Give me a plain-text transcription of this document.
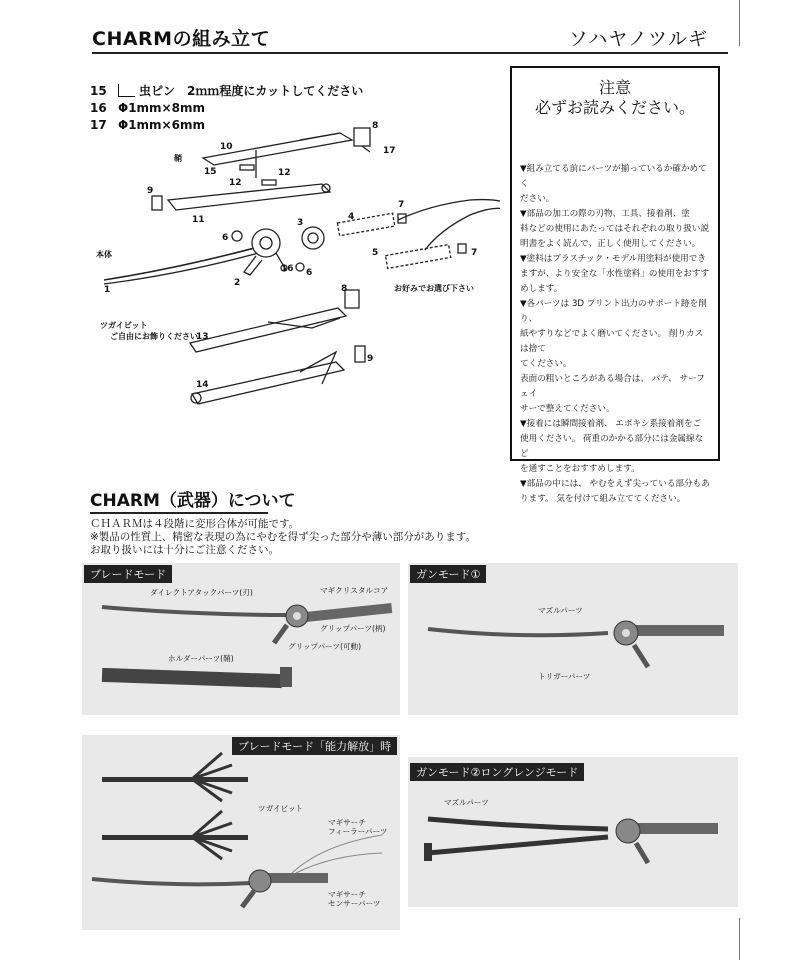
CHARMの組み立て	ソハヤノツルギ
15	虫ピン　2ｍｍ程度にカットしてください
16 Φ1mm×8mm
17 Φ1mm×6mm
10
8
17
15
12
12
9
11	4
7
6
3
5	7
1
2
16 6
8
13
9
14
鞘
本体
お好みでお選び下さい
ツガイビット
ご自由にお飾りください
注意
必ずお読みください。
▼組み立てる前にパーツが揃っているか確かめてく
ださい。
▼部品の加工の際の刃物、工具、接着剤、塗
料などの使用にあたってはそれぞれの取り扱い説
明書をよく読んで、正しく使用してください。
▼塗料はプラスチック・モデル用塗料が使用でき
ますが、より安全な「水性塗料」の使用をおすす
めします。
▼各パーツは 3D プリント出力のサポート跡を削り、
紙やすりなどでよく磨いてください。 削りカスは捨て
てください。
表面の粗いところがある場合は、 パテ、 サーフェイ
サーで整えてください。
▼接着には瞬間接着剤、 エポキシ系接着剤をご
使用ください。 荷重のかかる部分には金属線など
を通すことをおすすめします。
▼部品の中には、 やむをえず尖っている部分もあ
ります。 気を付けて組み立ててください。
CHARM（武器）について
ＣＨＡＲＭは４段階に変形合体が可能です。
※製品の性質上、精密な表現の為にやむを得ず尖った部分や薄い部分があります。
お取り扱いには十分にご注意ください。
ブレードモード
ダイレクトアタックパーツ(刃)	マギクリスタルコア
グリップパーツ(柄)
グリップパーツ(可動)
ホルダーパーツ(鞘)
ガンモード①
マズルパーツ
トリガーパーツ
ブレードモード「能力解放」時
ツガイビット
マギサーチ
フィーラーパーツ
マギサーチ
センサーパーツ
ガンモード②ロングレンジモード
マズルパーツ
